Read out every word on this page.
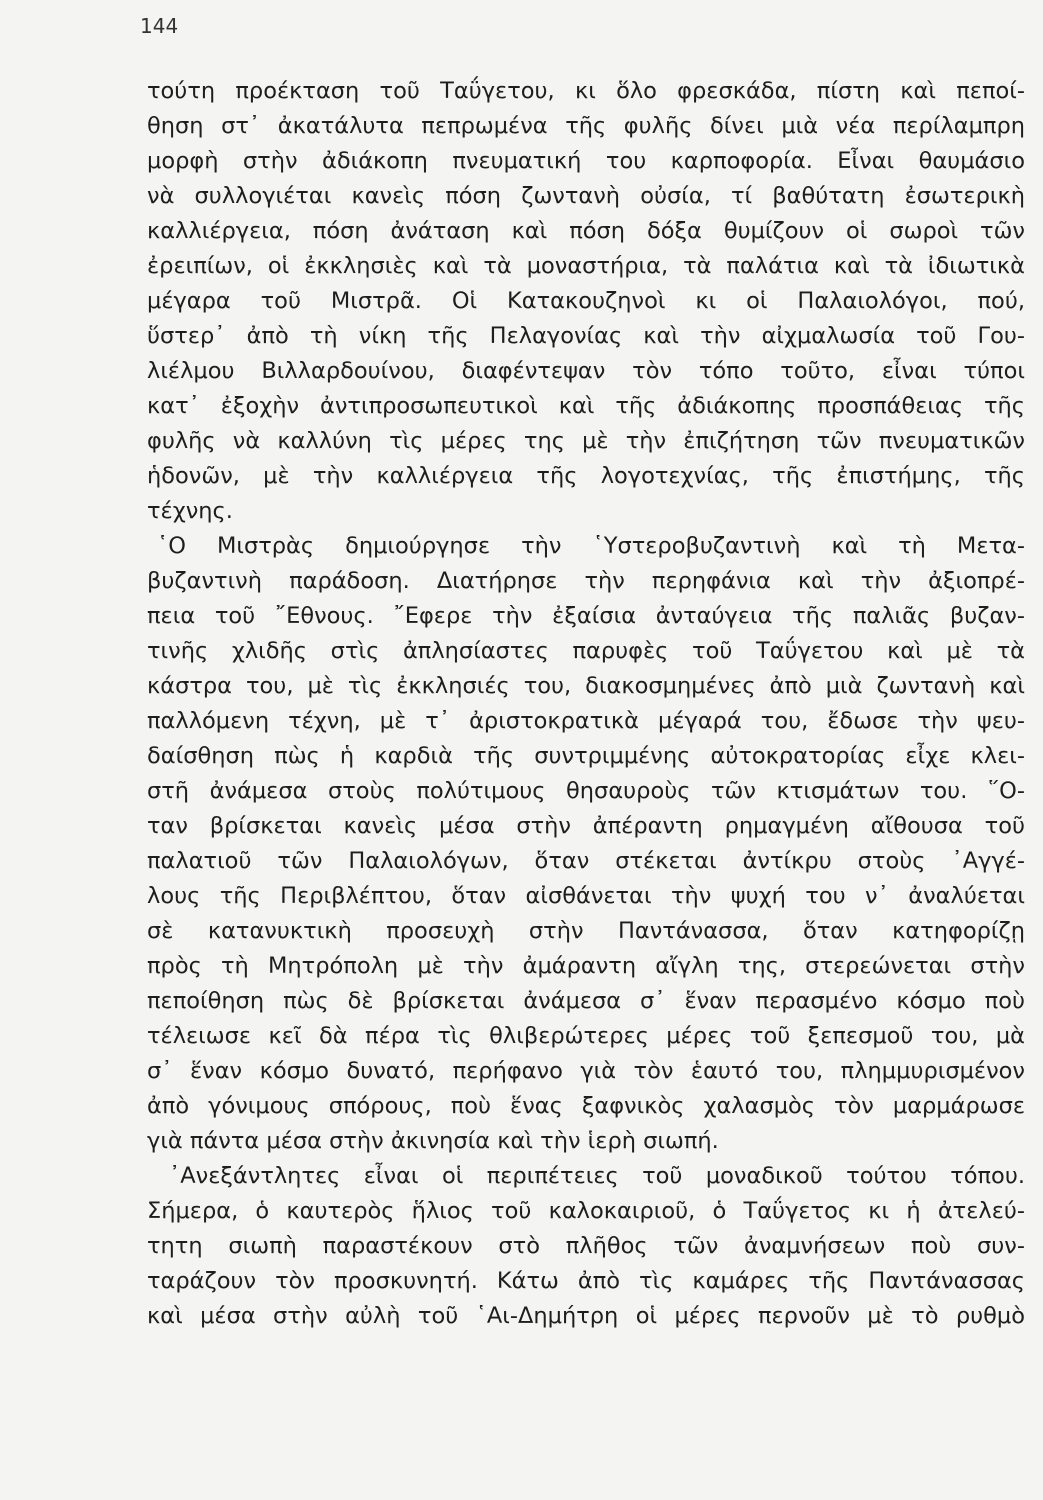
144
τούτη προέκταση τοῦ Ταΰγετου, κι ὅλο φρεσκάδα, πίστη καὶ πεποί-
θηση στ᾽ ἀκατάλυτα πεπρωμένα τῆς φυλῆς δίνει μιὰ νέα περίλαμπρη
μορφὴ στὴν ἀδιάκοπη πνευματική του καρποφορία. Εἶναι θαυμάσιο
νὰ συλλογιέται κανεὶς πόση ζωντανὴ οὐσία, τί βαθύτατη ἐσωτερικὴ
καλλιέργεια, πόση ἀνάταση καὶ πόση δόξα θυμίζουν οἱ σωροὶ τῶν
ἐρειπίων, οἱ ἐκκλησιὲς καὶ τὰ μοναστήρια, τὰ παλάτια καὶ τὰ ἰδιωτικὰ
μέγαρα τοῦ Μιστρᾶ. Οἱ Κατακουζηνοὶ κι οἱ Παλαιολόγοι, πού,
ὕστερ᾽ ἀπὸ τὴ νίκη τῆς Πελαγονίας καὶ τὴν αἰχμαλωσία τοῦ Γου-
λιέλμου Βιλλαρδουίνου, διαφέντεψαν τὸν τόπο τοῦτο, εἶναι τύποι
κατ᾽ ἐξοχὴν ἀντιπροσωπευτικοὶ καὶ τῆς ἀδιάκοπης προσπάθειας τῆς
φυλῆς νὰ καλλύνη τὶς μέρες της μὲ τὴν ἐπιζήτηση τῶν πνευματικῶν
ἡδονῶν, μὲ τὴν καλλιέργεια τῆς λογοτεχνίας, τῆς ἐπιστήμης, τῆς
τέχνης.
῾Ο Μιστρὰς δημιούργησε τὴν ῾Υστεροβυζαντινὴ καὶ τὴ Μετα-
βυζαντινὴ παράδοση. Διατήρησε τὴν περηφάνια καὶ τὴν ἀξιοπρέ-
πεια τοῦ ῎Εθνους. ῎Εφερε τὴν ἐξαίσια ἀνταύγεια τῆς παλιᾶς βυζαν-
τινῆς χλιδῆς στὶς ἀπλησίαστες παρυφὲς τοῦ Ταΰγετου καὶ μὲ τὰ
κάστρα του, μὲ τὶς ἐκκλησιές του, διακοσμημένες ἀπὸ μιὰ ζωντανὴ καὶ
παλλόμενη τέχνη, μὲ τ᾽ ἀριστοκρατικὰ μέγαρά του, ἔδωσε τὴν ψευ-
δαίσθηση πὼς ἡ καρδιὰ τῆς συντριμμένης αὐτοκρατορίας εἶχε κλει-
στῆ ἀνάμεσα στοὺς πολύτιμους θησαυροὺς τῶν κτισμάτων του. ῞Ο-
ταν βρίσκεται κανεὶς μέσα στὴν ἀπέραντη ρημαγμένη αἴθουσα τοῦ
παλατιοῦ τῶν Παλαιολόγων, ὅταν στέκεται ἀντίκρυ στοὺς ᾽Αγγέ-
λους τῆς Περιβλέπτου, ὅταν αἰσθάνεται τὴν ψυχή του ν᾽ ἀναλύεται
σὲ κατανυκτικὴ προσευχὴ στὴν Παντάνασσα, ὅταν κατηφορίζῃ
πρὸς τὴ Μητρόπολη μὲ τὴν ἀμάραντη αἴγλη της, στερεώνεται στὴν
πεποίθηση πὼς δὲ βρίσκεται ἀνάμεσα σ᾽ ἕναν περασμένο κόσμο ποὺ
τέλειωσε κεῖ δὰ πέρα τὶς θλιβερώτερες μέρες τοῦ ξεπεσμοῦ του, μὰ
σ᾽ ἕναν κόσμο δυνατό, περήφανο γιὰ τὸν ἑαυτό του, πλημμυρισμένον
ἀπὸ γόνιμους σπόρους, ποὺ ἕνας ξαφνικὸς χαλασμὸς τὸν μαρμάρωσε
γιὰ πάντα μέσα στὴν ἀκινησία καὶ τὴν ἱερὴ σιωπή.
᾽Ανεξάντλητες εἶναι οἱ περιπέτειες τοῦ μοναδικοῦ τούτου τόπου.
Σήμερα, ὁ καυτερὸς ἥλιος τοῦ καλοκαιριοῦ, ὁ Ταΰγετος κι ἡ ἀτελεύ-
τητη σιωπὴ παραστέκουν στὸ πλῆθος τῶν ἀναμνήσεων ποὺ συν-
ταράζουν τὸν προσκυνητή. Κάτω ἀπὸ τὶς καμάρες τῆς Παντάνασσας
καὶ μέσα στὴν αὐλὴ τοῦ ῾Αι-Δημήτρη οἱ μέρες περνοῦν μὲ τὸ ρυθμὸ
